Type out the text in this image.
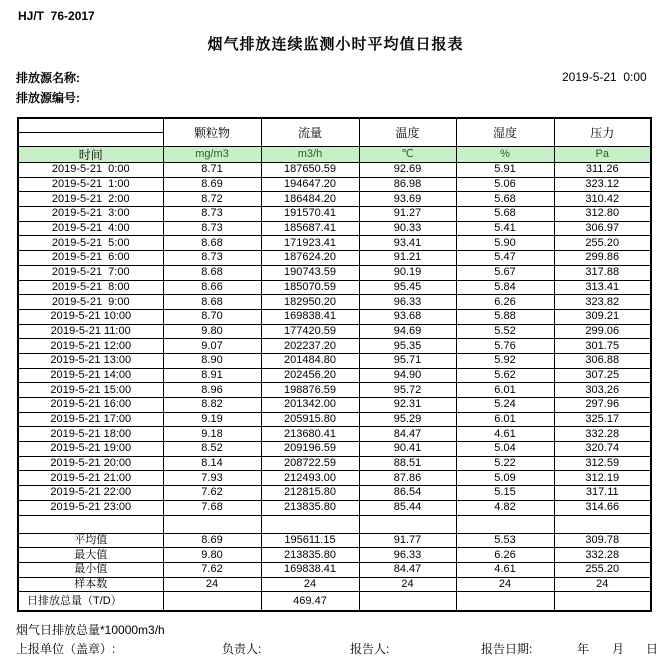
HJ/T  76-2017
烟气排放连续监测小时平均值日报表
排放源名称:
排放源编号:
2019-5-21  0:00
	颗粒物	流量	温度	湿度	压力

时间	mg/m3	m3/h	℃	%	Pa
2019-5-21  0:00	8.71	187650.59	92.69	5.91	311.26
2019-5-21  1:00	8.69	194647.20	86.98	5.06	323.12
2019-5-21  2:00	8.72	186484.20	93.69	5.68	310.42
2019-5-21  3:00	8.73	191570.41	91.27	5.68	312.80
2019-5-21  4:00	8.73	185687.41	90.33	5.41	306.97
2019-5-21  5:00	8.68	171923.41	93.41	5.90	255.20
2019-5-21  6:00	8.73	187624.20	91.21	5.47	299.86
2019-5-21  7:00	8.68	190743.59	90.19	5.67	317.88
2019-5-21  8:00	8.66	185070.59	95.45	5.84	313.41
2019-5-21  9:00	8.68	182950.20	96.33	6.26	323.82
2019-5-21 10:00	8.70	169838.41	93.68	5.88	309.21
2019-5-21 11:00	9.80	177420.59	94.69	5.52	299.06
2019-5-21 12:00	9.07	202237.20	95.35	5.76	301.75
2019-5-21 13:00	8.90	201484.80	95.71	5.92	306.88
2019-5-21 14:00	8.91	202456.20	94.90	5.62	307.25
2019-5-21 15:00	8.96	198876.59	95.72	6.01	303.26
2019-5-21 16:00	8.82	201342.00	92.31	5.24	297.96
2019-5-21 17:00	9.19	205915.80	95.29	6.01	325.17
2019-5-21 18:00	9.18	213680.41	84.47	4.61	332.28
2019-5-21 19:00	8.52	209196.59	90.41	5.04	320.74
2019-5-21 20:00	8.14	208722.59	88.51	5.22	312.59
2019-5-21 21:00	7.93	212493.00	87.86	5.09	312.19
2019-5-21 22:00	7.62	212815.80	86.54	5.15	317.11
2019-5-21 23:00	7.68	213835.80	85.44	4.82	314.66

平均值	8.69	195611.15	91.77	5.53	309.78
最大值	9.80	213835.80	96.33	6.26	332.28
最小值	7.62	169838.41	84.47	4.61	255.20
样本数	24	24	24	24	24
日排放总量（T/D）		469.47			
烟气日排放总量*10000m3/h
上报单位（盖章）:	负责人:	报告人:	报告日期:	年 月 日
